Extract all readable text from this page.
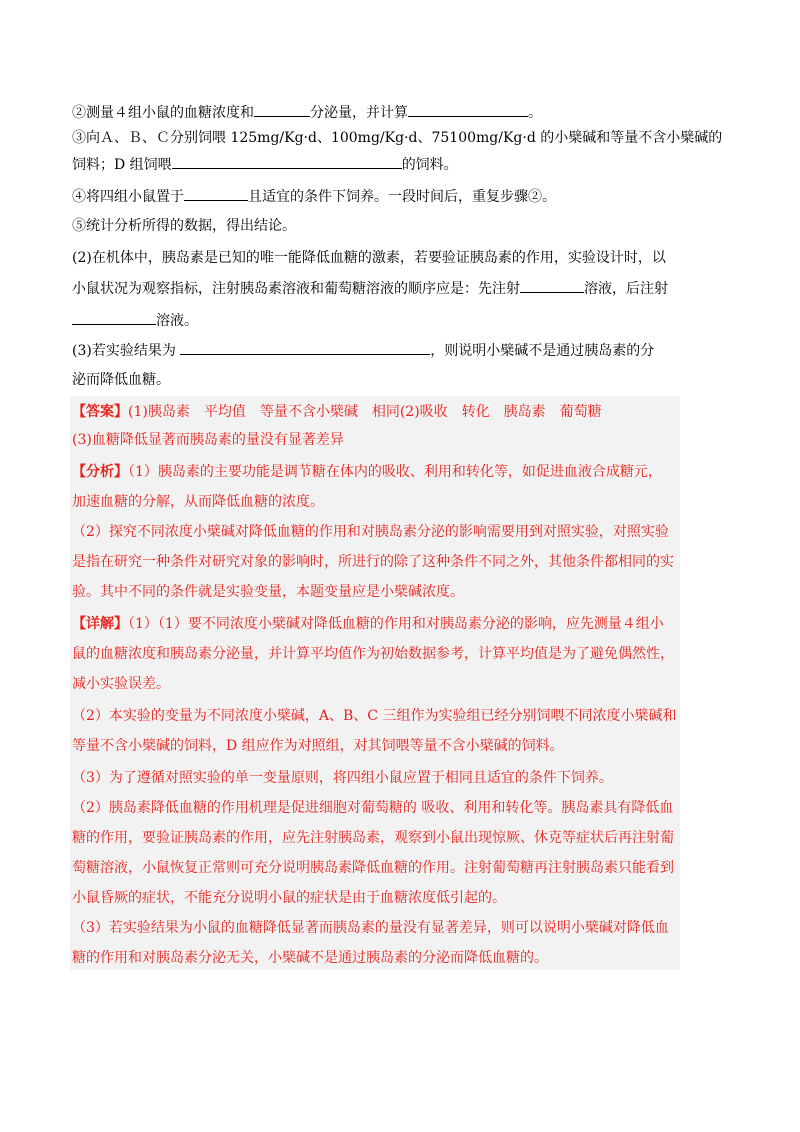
②测量４组小鼠的血糖浓度和	分泌量，并计算	。
③向Ａ、Ｂ、Ｃ分别饲喂 125mg/Kg·d、100mg/Kg·d、75100mg/Kg·d 的小檗碱和等量不含小檗碱的
饲料；D 组饲喂	的饲料。
④将四组小鼠置于	且适宜的条件下饲养。一段时间后，重复步骤②。
⑤统计分析所得的数据，得出结论。
(2)在机体中，胰岛素是已知的唯一能降低血糖的激素，若要验证胰岛素的作用，实验设计时，以
小鼠状况为观察指标，注射胰岛素溶液和葡萄糖溶液的顺序应是：先注射	溶液，后注射
溶液。
(3)若实验结果为	，则说明小檗碱不是通过胰岛素的分
泌而降低血糖。
【答案】(1)胰岛素　平均值　等量不含小檗碱　相同(2)吸收　转化　胰岛素　葡萄糖
(3)血糖降低显著而胰岛素的量没有显著差异
【分析】（1）胰岛素的主要功能是调节糖在体内的吸收、利用和转化等，如促进血液合成糖元，
加速血糖的分解，从而降低血糖的浓度。
（2）探究不同浓度小檗碱对降低血糖的作用和对胰岛素分泌的影响需要用到对照实验，对照实验
是指在研究一种条件对研究对象的影响时，所进行的除了这种条件不同之外，其他条件都相同的实
验。其中不同的条件就是实验变量，本题变量应是小檗碱浓度。
【详解】（1）（1）要不同浓度小檗碱对降低血糖的作用和对胰岛素分泌的影响，应先测量４组小
鼠的血糖浓度和胰岛素分泌量，并计算平均值作为初始数据参考，计算平均值是为了避免偶然性，
减小实验误差。
（2）本实验的变量为不同浓度小檗碱，A、B、C 三组作为实验组已经分别饲喂不同浓度小檗碱和
等量不含小檗碱的饲料，D 组应作为对照组，对其饲喂等量不含小檗碱的饲料。
（3）为了遵循对照实验的单一变量原则，将四组小鼠应置于相同且适宜的条件下饲养。
（2）胰岛素降低血糖的作用机理是促进细胞对葡萄糖的 吸收、利用和转化等。胰岛素具有降低血
糖的作用，要验证胰岛素的作用，应先注射胰岛素，观察到小鼠出现惊厥、休克等症状后再注射葡
萄糖溶液，小鼠恢复正常则可充分说明胰岛素降低血糖的作用。注射葡萄糖再注射胰岛素只能看到
小鼠昏厥的症状，不能充分说明小鼠的症状是由于血糖浓度低引起的。
（3）若实验结果为小鼠的血糖降低显著而胰岛素的量没有显著差异，则可以说明小檗碱对降低血
糖的作用和对胰岛素分泌无关，小檗碱不是通过胰岛素的分泌而降低血糖的。
